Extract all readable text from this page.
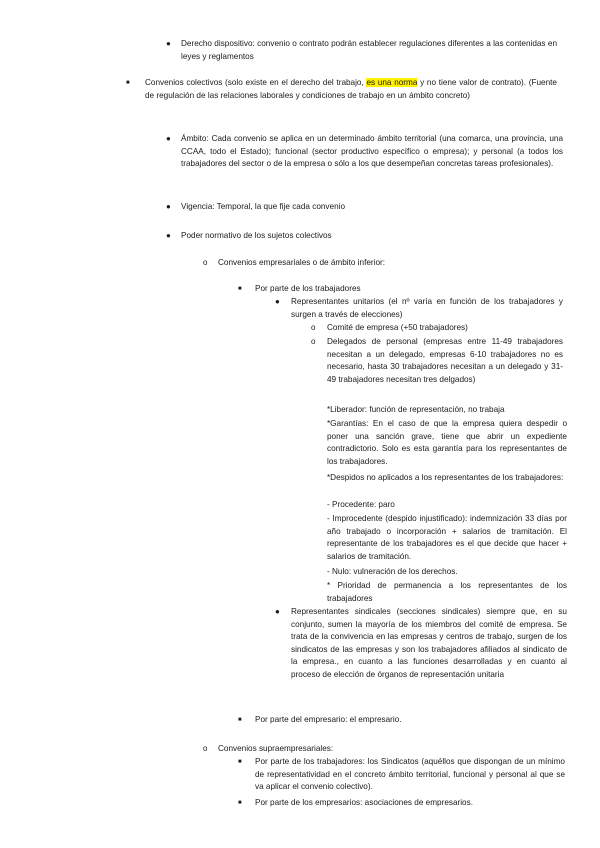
● Derecho dispositivo: convenio o contrato podrán establecer regulaciones diferentes a las contenidas en leyes y reglamentos

■ Convenios colectivos (solo existe en el derecho del trabajo, es una norma y no tiene valor de contrato). (Fuente de regulación de las relaciones laborales y condiciones de trabajo en un ámbito concreto)

● Ámbito: Cada convenio se aplica en un determinado ámbito territorial (una comarca, una provincia, una CCAA, todo el Estado); funcional (sector productivo específico o empresa); y personal (a todos los trabajadores del sector o de la empresa o sólo a los que desempeñan concretas tareas profesionales).

● Vigencia: Temporal, la que fije cada convenio

● Poder normativo de los sujetos colectivos

o Convenios empresariales o de ámbito inferior:

■ Por parte de los trabajadores

● Representantes unitarios (el nº varía en función de los trabajadores y surgen a través de elecciones)

o Comité de empresa (+50 trabajadores)

o Delegados de personal (empresas entre 11-49 trabajadores necesitan a un delegado, empresas 6-10 trabajadores no es necesario, hasta 30 trabajadores necesitan a un delegado y 31-49 trabajadores necesitan tres delgados)

*Liberador: función de representación, no trabaja

*Garantías: En el caso de que la empresa quiera despedir o poner una sanción grave, tiene que abrir un expediente contradictorio. Solo es esta garantía para los representantes de los trabajadores.

*Despidos no aplicados a los representantes de los trabajadores:

- Procedente: paro

- Improcedente (despido injustificado): indemnización 33 días por año trabajado o incorporación + salarios de tramitación. El representante de los trabajadores es el que decide que hacer + salarios de tramitación.

- Nulo: vulneración de los derechos.

* Prioridad de permanencia a los representantes de los trabajadores

● Representantes sindicales (secciones sindicales) siempre que, en su conjunto, sumen la mayoría de los miembros del comité de empresa. Se trata de la convivencia en las empresas y centros de trabajo, surgen de los sindicatos de las empresas y son los trabajadores afiliados al sindicato de la empresa., en cuanto a las funciones desarrolladas y en cuanto al proceso de elección de órganos de representación unitaria

■ Por parte del empresario: el empresario.

o Convenios supraempresariales:

■ Por parte de los trabajadores: los Sindicatos (aquéllos que dispongan de un mínimo de representatividad en el concreto ámbito territorial, funcional y personal al que se va aplicar el convenio colectivo).

■ Por parte de los empresarios: asociaciones de empresarios.
